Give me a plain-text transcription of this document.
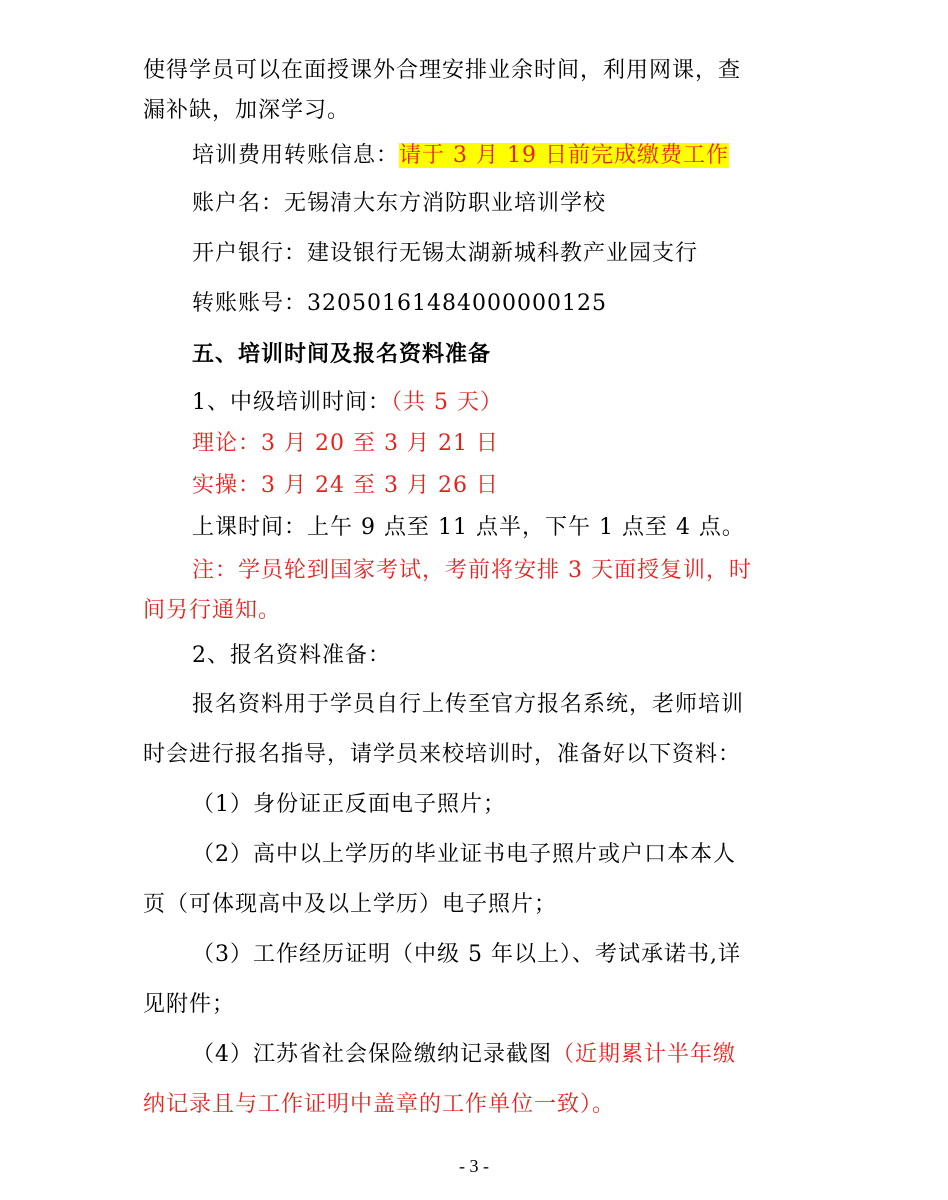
使得学员可以在面授课外合理安排业余时间，利用网课，查
漏补缺，加深学习。
培训费用转账信息：请于 3 月 19 日前完成缴费工作
账户名：无锡清大东方消防职业培训学校
开户银行：建设银行无锡太湖新城科教产业园支行
转账账号：32050161484000000125
五、培训时间及报名资料准备
1、中级培训时间：（共 5 天）
理论：3 月 20 至 3 月 21 日
实操：3 月 24 至 3 月 26 日
上课时间：上午 9 点至 11 点半，下午 1 点至 4 点。
注：学员轮到国家考试，考前将安排 3 天面授复训，时
间另行通知。
2、报名资料准备：
报名资料用于学员自行上传至官方报名系统，老师培训
时会进行报名指导，请学员来校培训时，准备好以下资料：
（1）身份证正反面电子照片；
（2）高中以上学历的毕业证书电子照片或户口本本人
页（可体现高中及以上学历）电子照片；
（3）工作经历证明（中级 5 年以上）、考试承诺书,详
见附件；
（4）江苏省社会保险缴纳记录截图（近期累计半年缴
纳记录且与工作证明中盖章的工作单位一致）。
- 3 -
